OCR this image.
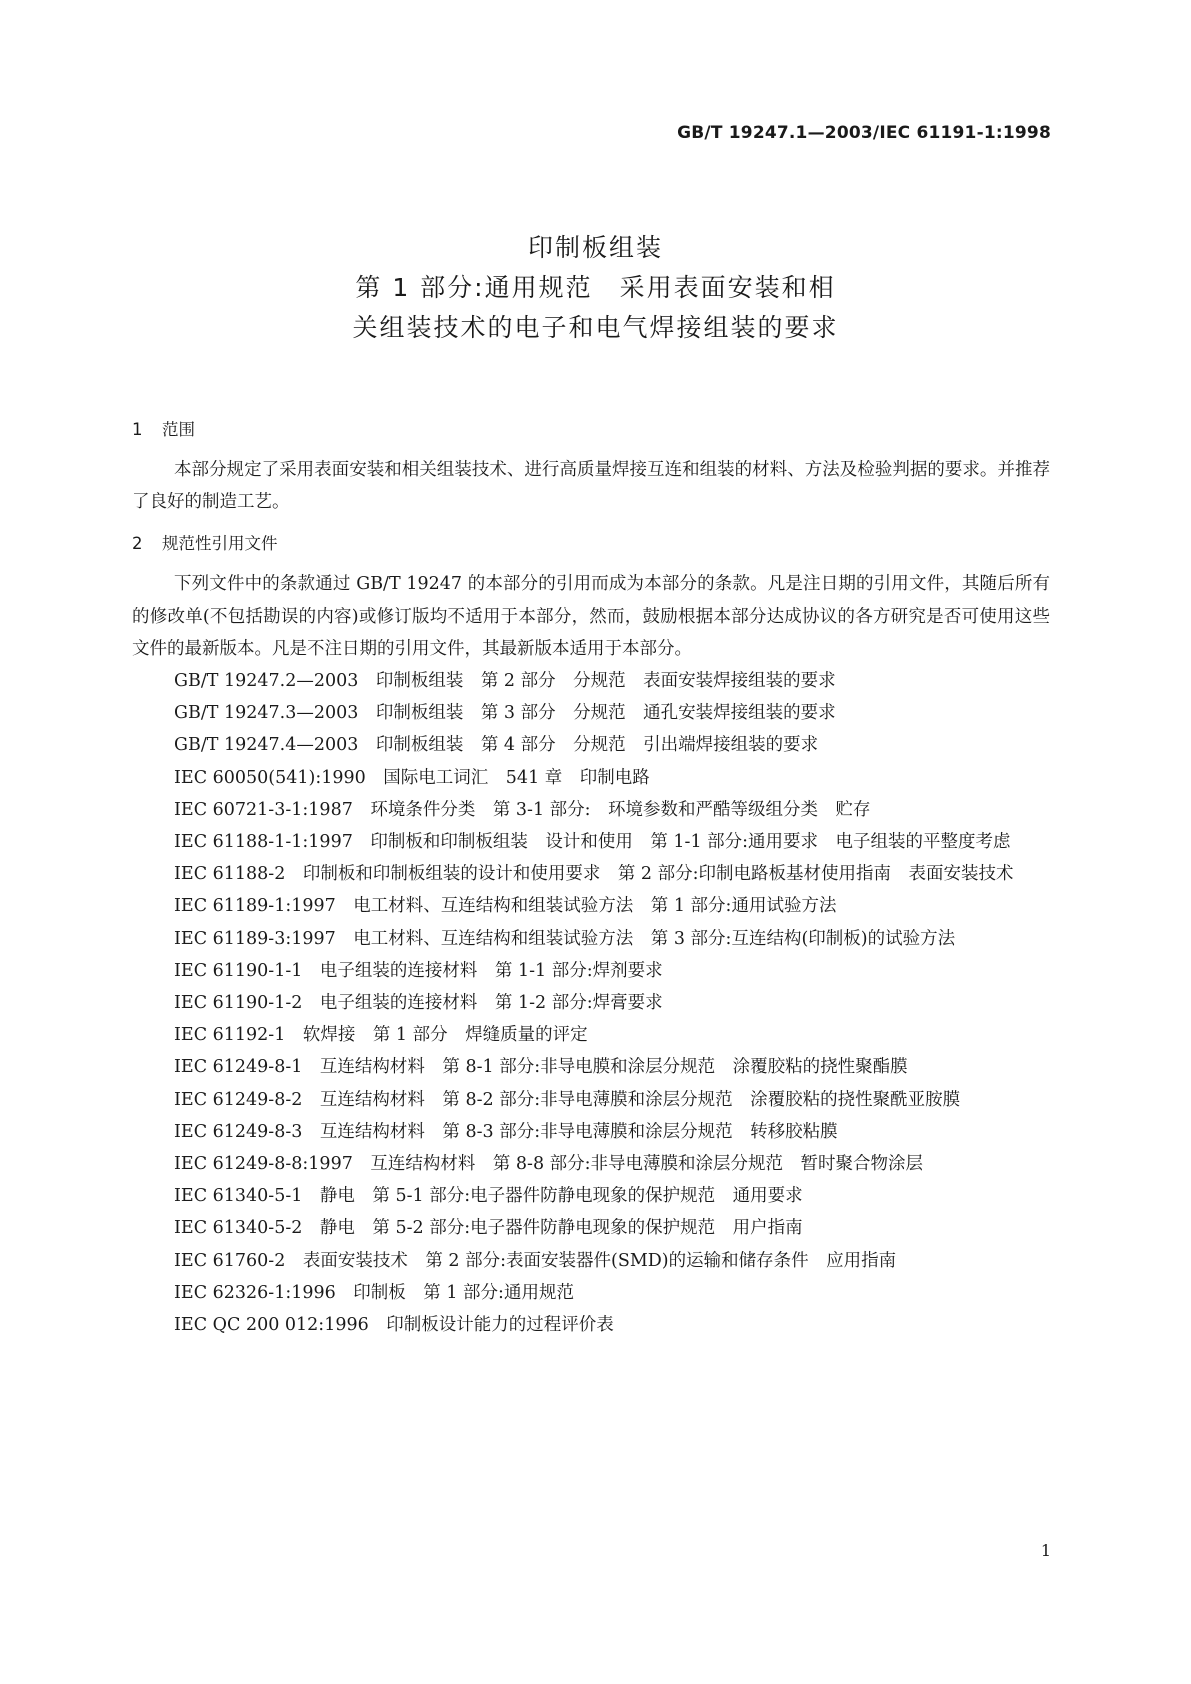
GB/T 19247.1—2003/IEC 61191-1:1998
印制板组装
第 1 部分:通用规范　采用表面安装和相
关组装技术的电子和电气焊接组装的要求
1 范围

本部分规定了采用表面安装和相关组装技术、进行高质量焊接互连和组装的材料、方法及检验判据的要求。并推荐了良好的制造工艺。

2 规范性引用文件

下列文件中的条款通过 GB/T 19247 的本部分的引用而成为本部分的条款。凡是注日期的引用文件，其随后所有的修改单(不包括勘误的内容)或修订版均不适用于本部分，然而，鼓励根据本部分达成协议的各方研究是否可使用这些文件的最新版本。凡是不注日期的引用文件，其最新版本适用于本部分。

GB/T 19247.2—2003　印制板组装　第 2 部分　分规范　表面安装焊接组装的要求

GB/T 19247.3—2003　印制板组装　第 3 部分　分规范　通孔安装焊接组装的要求

GB/T 19247.4—2003　印制板组装　第 4 部分　分规范　引出端焊接组装的要求

IEC 60050(541):1990　国际电工词汇　541 章　印制电路

IEC 60721-3-1:1987　环境条件分类　第 3-1 部分:　环境参数和严酷等级组分类　贮存

IEC 61188-1-1:1997　印制板和印制板组装　设计和使用　第 1-1 部分:通用要求　电子组装的平整度考虑

IEC 61188-2　印制板和印制板组装的设计和使用要求　第 2 部分:印制电路板基材使用指南　表面安装技术

IEC 61189-1:1997　电工材料、互连结构和组装试验方法　第 1 部分:通用试验方法

IEC 61189-3:1997　电工材料、互连结构和组装试验方法　第 3 部分:互连结构(印制板)的试验方法

IEC 61190-1-1　电子组装的连接材料　第 1-1 部分:焊剂要求

IEC 61190-1-2　电子组装的连接材料　第 1-2 部分:焊膏要求

IEC 61192-1　软焊接　第 1 部分　焊缝质量的评定

IEC 61249-8-1　互连结构材料　第 8-1 部分:非导电膜和涂层分规范　涂覆胶粘的挠性聚酯膜

IEC 61249-8-2　互连结构材料　第 8-2 部分:非导电薄膜和涂层分规范　涂覆胶粘的挠性聚酰亚胺膜

IEC 61249-8-3　互连结构材料　第 8-3 部分:非导电薄膜和涂层分规范　转移胶粘膜

IEC 61249-8-8:1997　互连结构材料　第 8-8 部分:非导电薄膜和涂层分规范　暂时聚合物涂层

IEC 61340-5-1　静电　第 5-1 部分:电子器件防静电现象的保护规范　通用要求

IEC 61340-5-2　静电　第 5-2 部分:电子器件防静电现象的保护规范　用户指南

IEC 61760-2　表面安装技术　第 2 部分:表面安装器件(SMD)的运输和储存条件　应用指南

IEC 62326-1:1996　印制板　第 1 部分:通用规范

IEC QC 200 012:1996　印制板设计能力的过程评价表

1
